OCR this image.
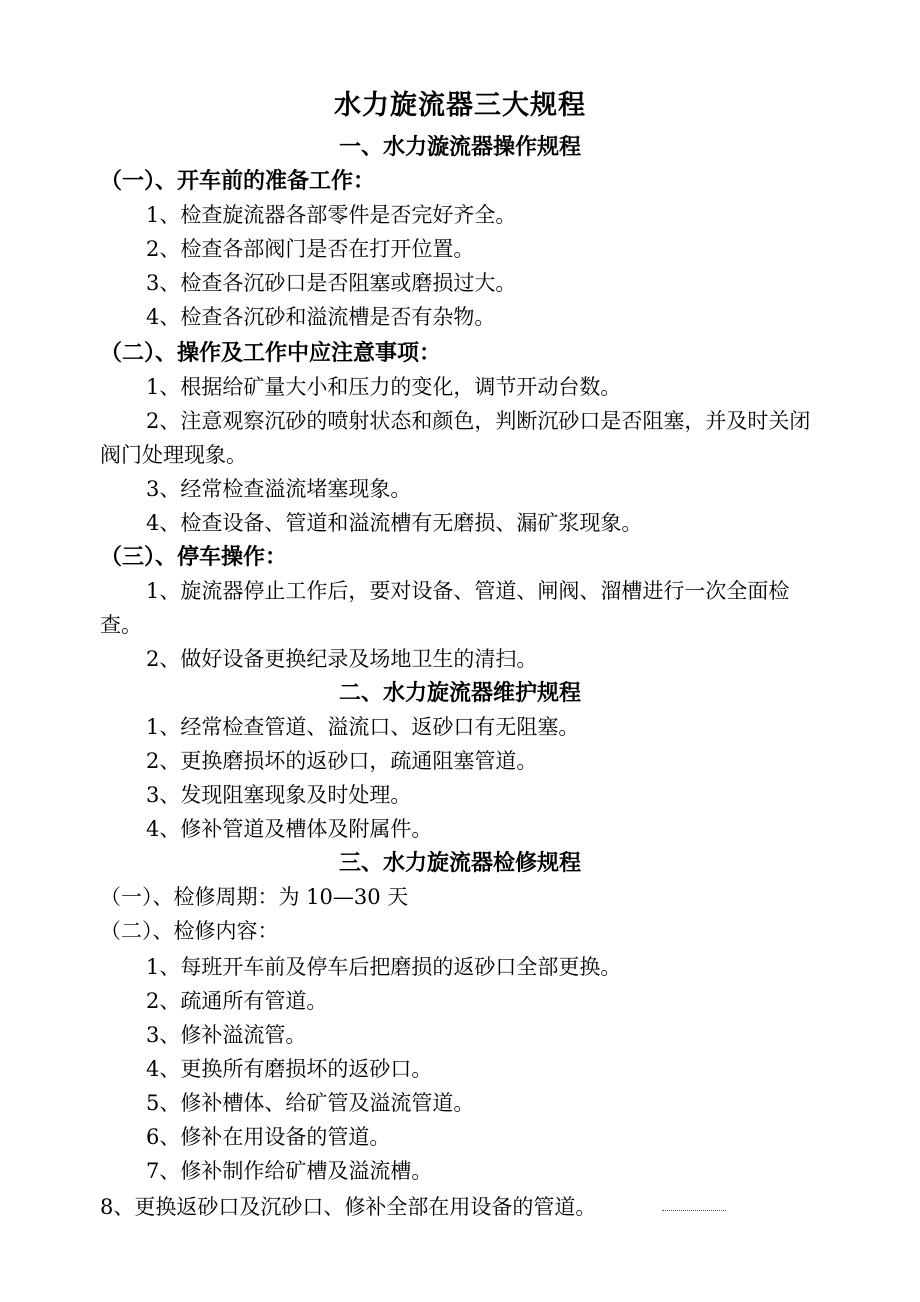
水力旋流器三大规程
一、水力漩流器操作规程
（一）、开车前的准备工作：
1、检查旋流器各部零件是否完好齐全。
2、检查各部阀门是否在打开位置。
3、检查各沉砂口是否阻塞或磨损过大。
4、检查各沉砂和溢流槽是否有杂物。
（二）、操作及工作中应注意事项：
1、根据给矿量大小和压力的变化，调节开动台数。
2、注意观察沉砂的喷射状态和颜色，判断沉砂口是否阻塞，并及时关闭阀门处理现象。
3、经常检查溢流堵塞现象。
4、检查设备、管道和溢流槽有无磨损、漏矿浆现象。
（三）、停车操作：
1、旋流器停止工作后，要对设备、管道、闸阀、溜槽进行一次全面检查。
2、做好设备更换纪录及场地卫生的清扫。
二、水力旋流器维护规程
1、经常检查管道、溢流口、返砂口有无阻塞。
2、更换磨损坏的返砂口，疏通阻塞管道。
3、发现阻塞现象及时处理。
4、修补管道及槽体及附属件。
三、水力旋流器检修规程
（一）、检修周期：为 10—30 天
（二）、检修内容：
1、每班开车前及停车后把磨损的返砂口全部更换。
2、疏通所有管道。
3、修补溢流管。
4、更换所有磨损坏的返砂口。
5、修补槽体、给矿管及溢流管道。
6、修补在用设备的管道。
7、修补制作给矿槽及溢流槽。
8、更换返砂口及沉砂口、修补全部在用设备的管道。
